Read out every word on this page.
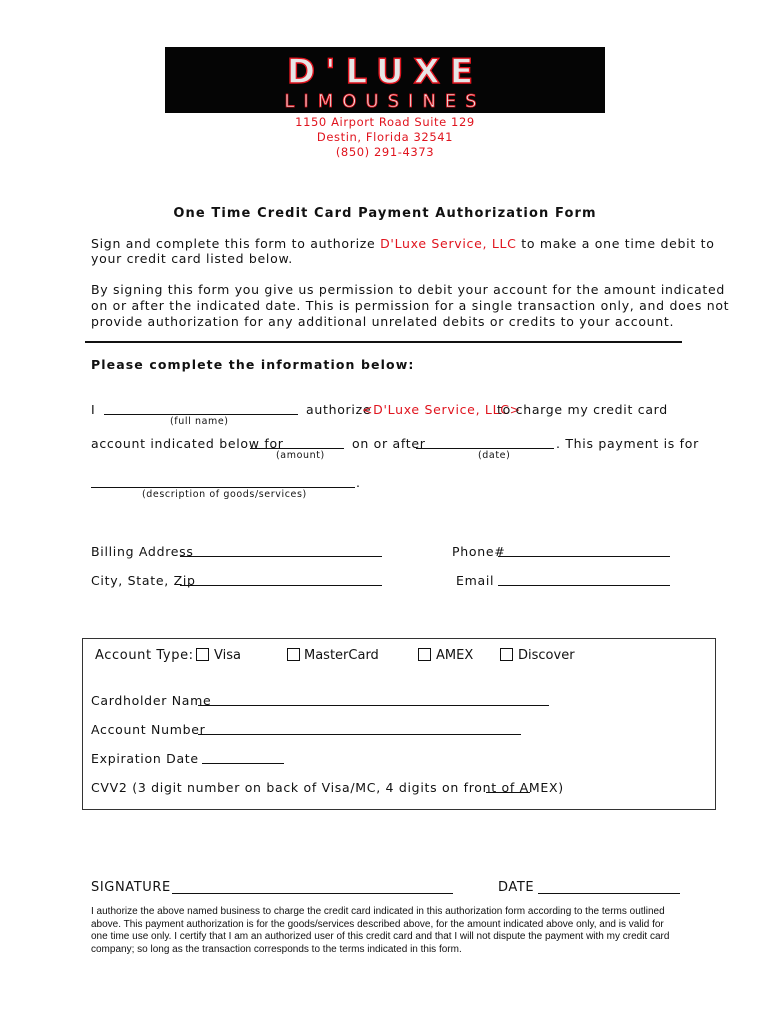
D'LUXE
LIMOUSINES
1150 Airport Road Suite 129
Destin, Florida 32541
(850) 291-4373
One Time Credit Card Payment Authorization Form
Sign and complete this form to authorize D'Luxe Service, LLC to make a one time debit to
your credit card listed below.
By signing this form you give us permission to debit your account for the amount indicated
on or after the indicated date. This is permission for a single transaction only, and does not
provide authorization for any additional unrelated debits or credits to your account.
Please complete the information below:
I	authorize
<D'Luxe Service, LLC>
to charge my credit card
(full name)
account indicated below for	on or after	. This payment is for
(amount)	(date)
.
(description of goods/services)
Billing Address	Phone#
City, State, Zip	Email
Account Type: Visa	MasterCard	AMEX	Discover
Cardholder Name
Account Number
Expiration Date
CVV2 (3 digit number on back of Visa/MC, 4 digits on front of AMEX)
SIGNATURE	DATE
I authorize the above named business to charge the credit card indicated in this authorization form according to the terms outlined above. This payment authorization is for the goods/services described above, for the amount indicated above only, and is valid for one time use only. I certify that I am an authorized user of this credit card and that I will not dispute the payment with my credit card company; so long as the transaction corresponds to the terms indicated in this form.
